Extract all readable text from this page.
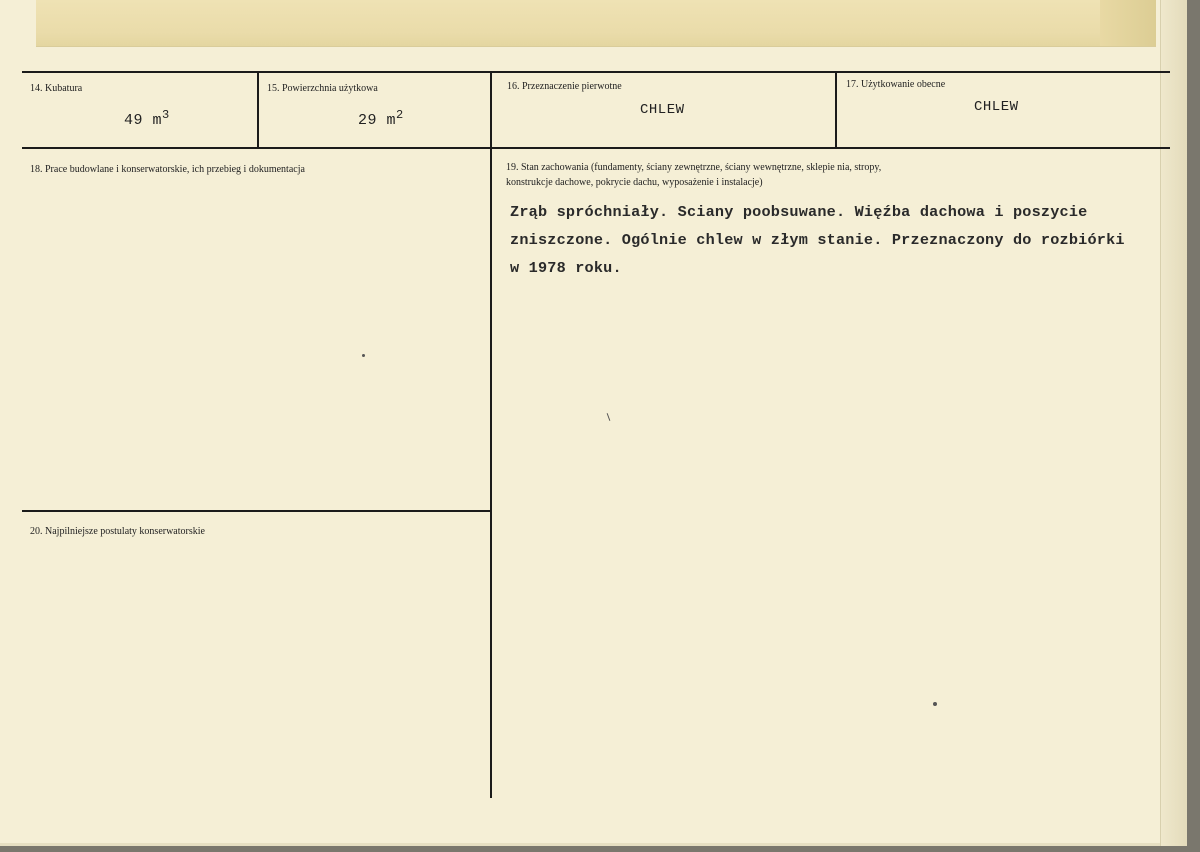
14. Kubatura
49 $m^3$
15. Powierzchnia użytkowa
29 $m^2$
16. Przeznaczenie pierwotne
CHLEW
17. Użytkowanie obecne
CHLEW
18. Prace budowlane i konserwatorskie, ich przebieg i dokumentacja	19. Stan zachowania (fundamenty, ściany zewnętrzne, ściany wewnętrzne, sklepie nia, stropy,
konstrukcje dachowe, pokrycie dachu, wyposażenie i instalacje)
Zrąb spróchniały. Sciany poobsuwane. Więźba dachowa i poszycie
zniszczone. Ogólnie chlew w złym stanie. Przeznaczony do rozbiórki
w 1978 roku.
20. Najpilniejsze postulaty konserwatorskie
